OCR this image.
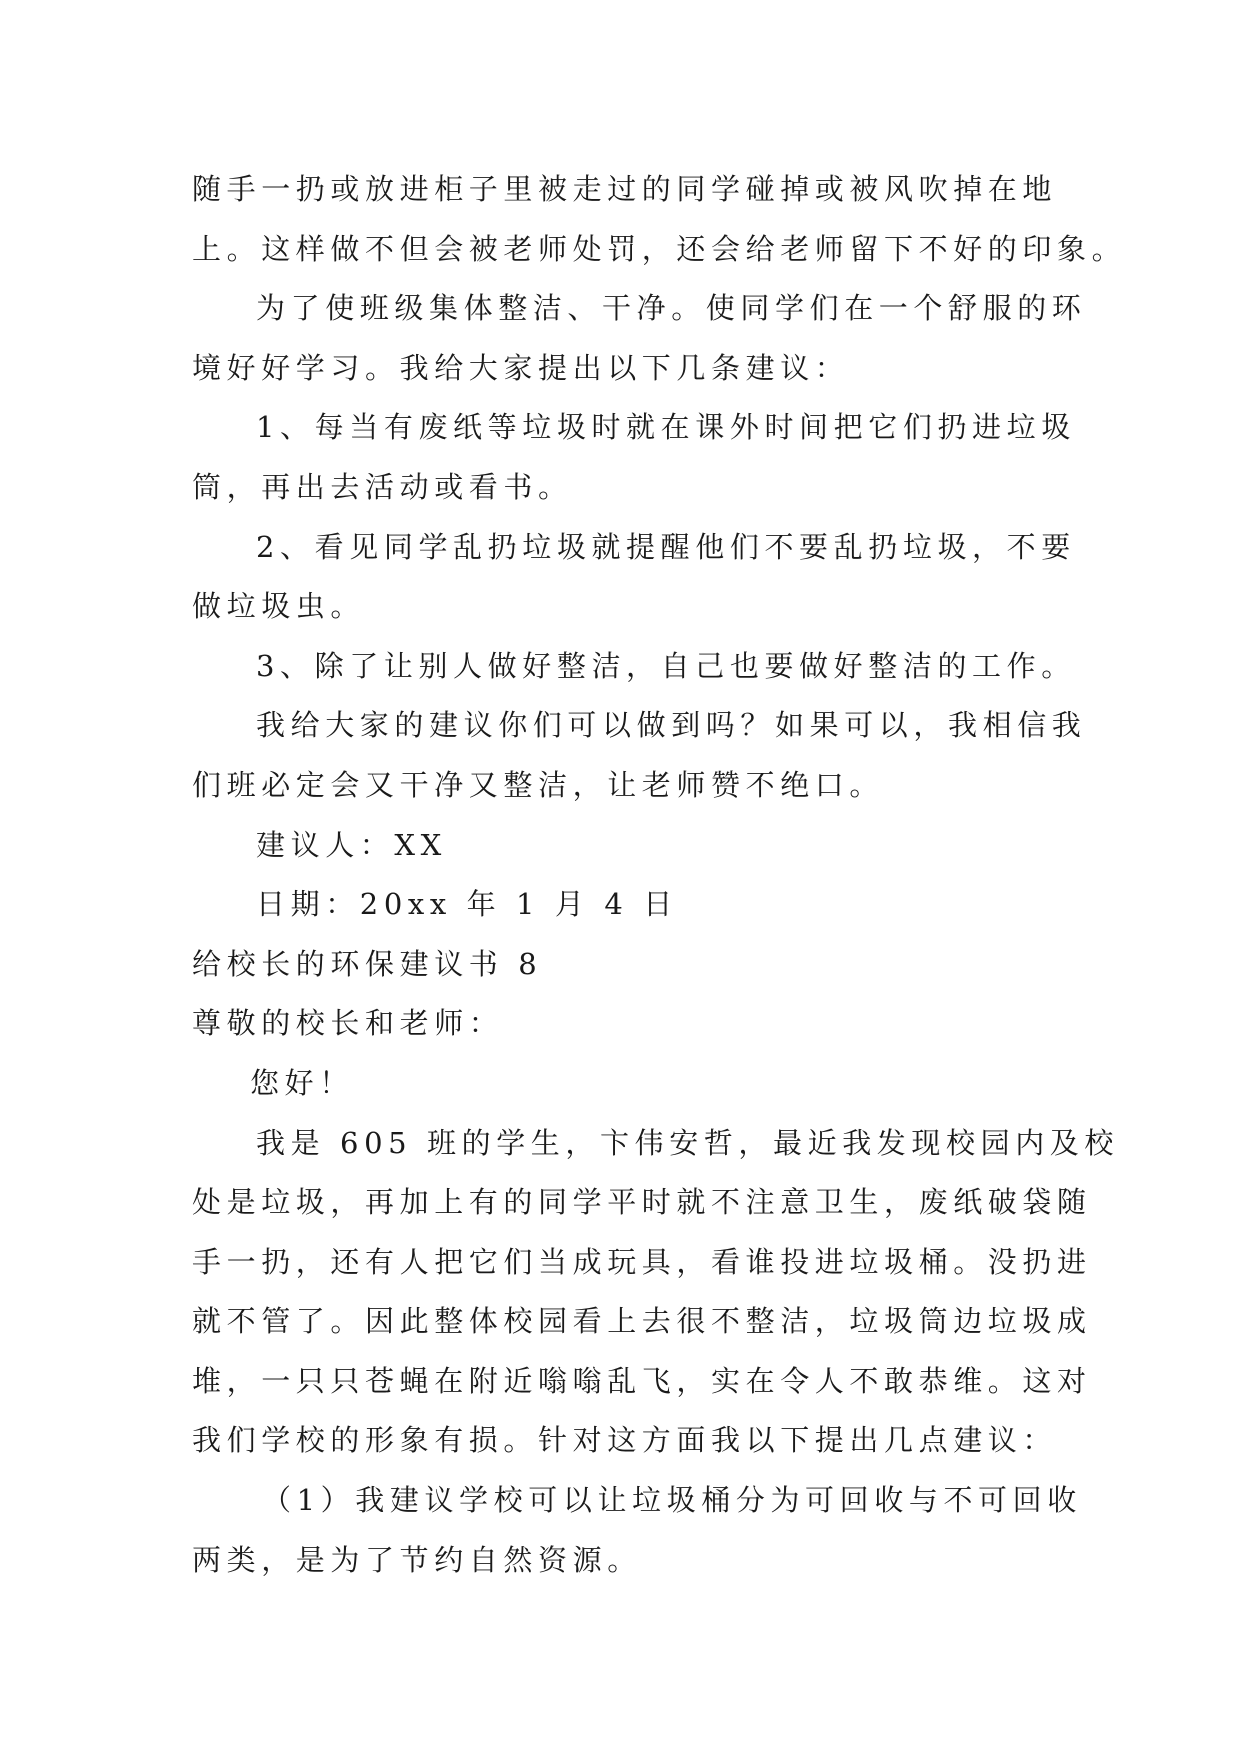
随手一扔或放进柜子里被走过的同学碰掉或被风吹掉在地
上。这样做不但会被老师处罚，还会给老师留下不好的印象。
为了使班级集体整洁、干净。使同学们在一个舒服的环
境好好学习。我给大家提出以下几条建议：
1、每当有废纸等垃圾时就在课外时间把它们扔进垃圾
筒，再出去活动或看书。
2、看见同学乱扔垃圾就提醒他们不要乱扔垃圾，不要
做垃圾虫。
3、除了让别人做好整洁，自己也要做好整洁的工作。
我给大家的建议你们可以做到吗？如果可以，我相信我
们班必定会又干净又整洁，让老师赞不绝口。
建议人：XX
日期：20xx 年 1 月 4 日
给校长的环保建议书 8
尊敬的校长和老师：
您好！
我是 605 班的学生，卞伟安哲，最近我发现校园内及校
处是垃圾，再加上有的同学平时就不注意卫生，废纸破袋随
手一扔，还有人把它们当成玩具，看谁投进垃圾桶。没扔进
就不管了。因此整体校园看上去很不整洁，垃圾筒边垃圾成
堆，一只只苍蝇在附近嗡嗡乱飞，实在令人不敢恭维。这对
我们学校的形象有损。针对这方面我以下提出几点建议：
（1）我建议学校可以让垃圾桶分为可回收与不可回收
两类，是为了节约自然资源。
